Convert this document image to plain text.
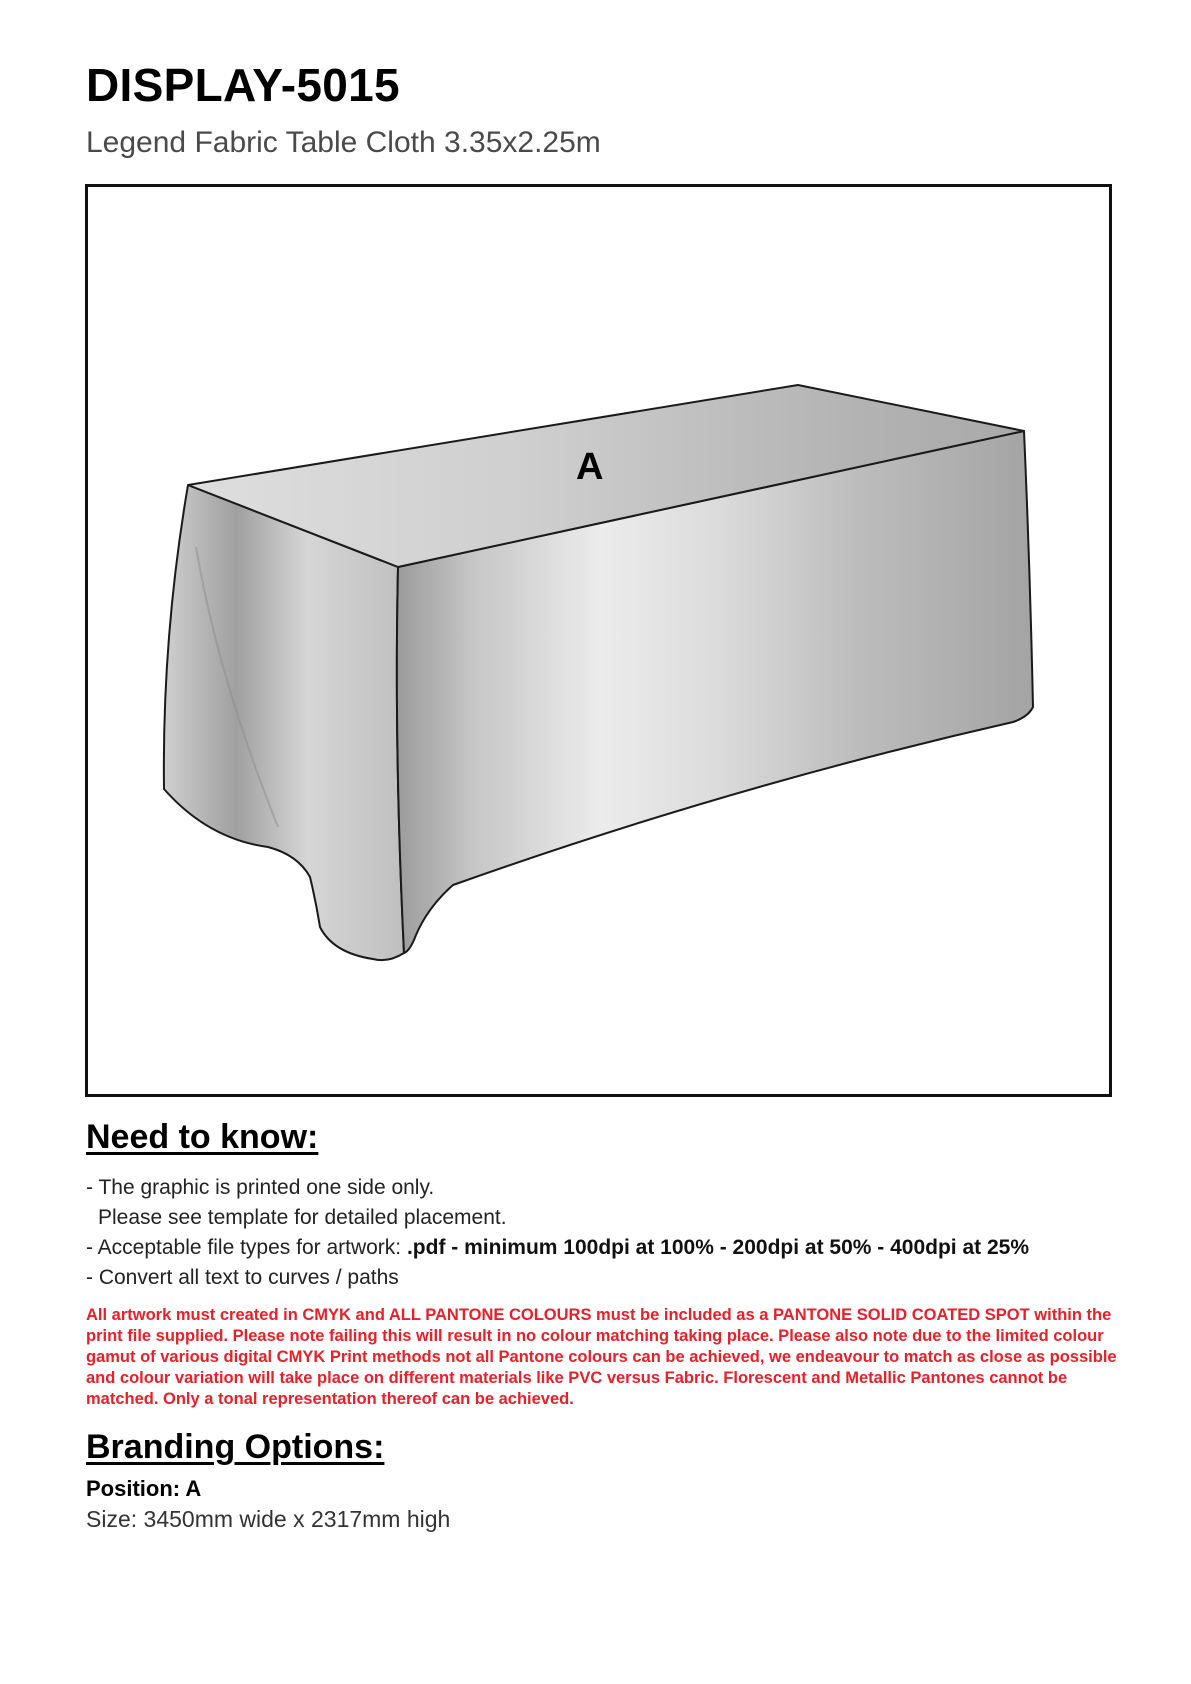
DISPLAY-5015

Legend Fabric Table Cloth 3.35x2.25m

A
Need to know:

- The graphic is printed one side only.

Please see template for detailed placement.

- Acceptable file types for artwork: .pdf - minimum 100dpi at 100% - 200dpi at 50% - 400dpi at 25%

- Convert all text to curves / paths

All artwork must created in CMYK and ALL PANTONE COLOURS must be included as a PANTONE SOLID COATED SPOT within the print file supplied. Please note failing this will result in no colour matching taking place. Please also note due to the limited colour gamut of various digital CMYK Print methods not all Pantone colours can be achieved, we endeavour to match as close as possible and colour variation will take place on different materials like PVC versus Fabric. Florescent and Metallic Pantones cannot be matched. Only a tonal representation thereof can be achieved.

Branding Options:

Position: A

Size: 3450mm wide x 2317mm high
